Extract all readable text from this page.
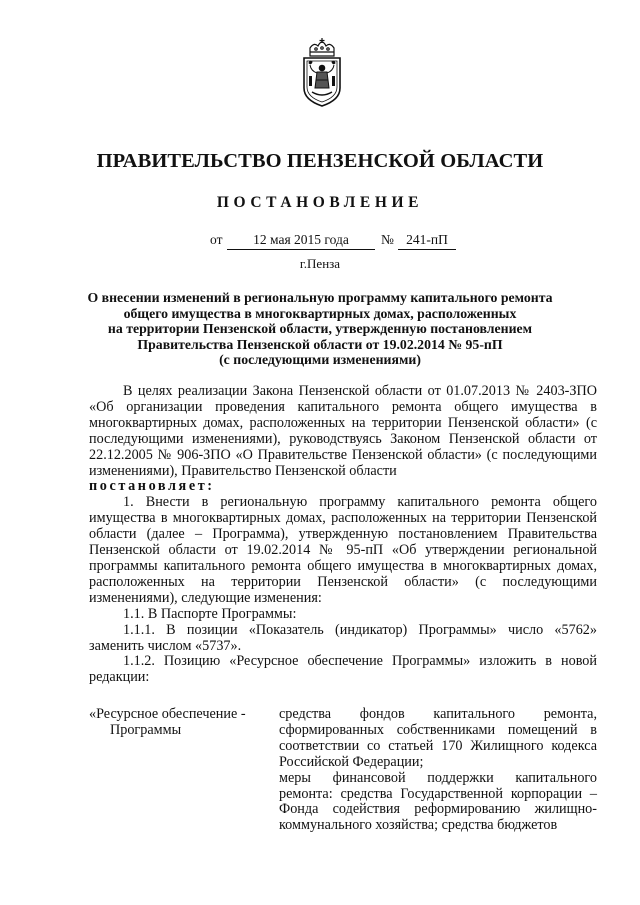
ПРАВИТЕЛЬСТВО ПЕНЗЕНСКОЙ ОБЛАСТИ
ПОСТАНОВЛЕНИЕ
от	12 мая 2015 года	№ 241-пП
г.Пенза
О внесении изменений в региональную программу капитального ремонта
общего имущества в многоквартирных домах, расположенных
на территории Пензенской области, утвержденную постановлением
Правительства Пензенской области от 19.02.2014 № 95-пП
(с последующими изменениями)

В целях реализации Закона Пензенской области от 01.07.2013 № 2403-ЗПО «Об организации проведения капитального ремонта общего имущества в многоквартирных домах, расположенных на территории Пензенской области» (с последующими изменениями), руководствуясь Законом Пензенской области от 22.12.2005 № 906-ЗПО «О Правительстве Пензенской области» (с последующими изменениями), Правительство Пензенской области

постановляет:

1. Внести в региональную программу капитального ремонта общего имущества в многоквартирных домах, расположенных на территории Пензенской области (далее – Программа), утвержденную постановлением Правительства Пензенской области от 19.02.2014 № 95-пП «Об утверждении региональной программы капитального ремонта общего имущества в многоквартирных домах, расположенных на территории Пензенской области» (с последующими изменениями), следующие изменения:

1.1. В Паспорте Программы:

1.1.1. В позиции «Показатель (индикатор) Программы» число «5762» заменить числом «5737».

1.1.2. Позицию «Ресурсное обеспечение Программы» изложить в новой редакции:

«Ресурсное обеспечение -
Программы

средства фондов капитального ремонта, сформированных собственниками помещений в соответствии со статьей 170 Жилищного кодекса Российской Федерации;

меры финансовой поддержки капитального ремонта: средства Государственной корпорации – Фонда содействия реформированию жилищно-коммунального хозяйства; средства бюджетов
